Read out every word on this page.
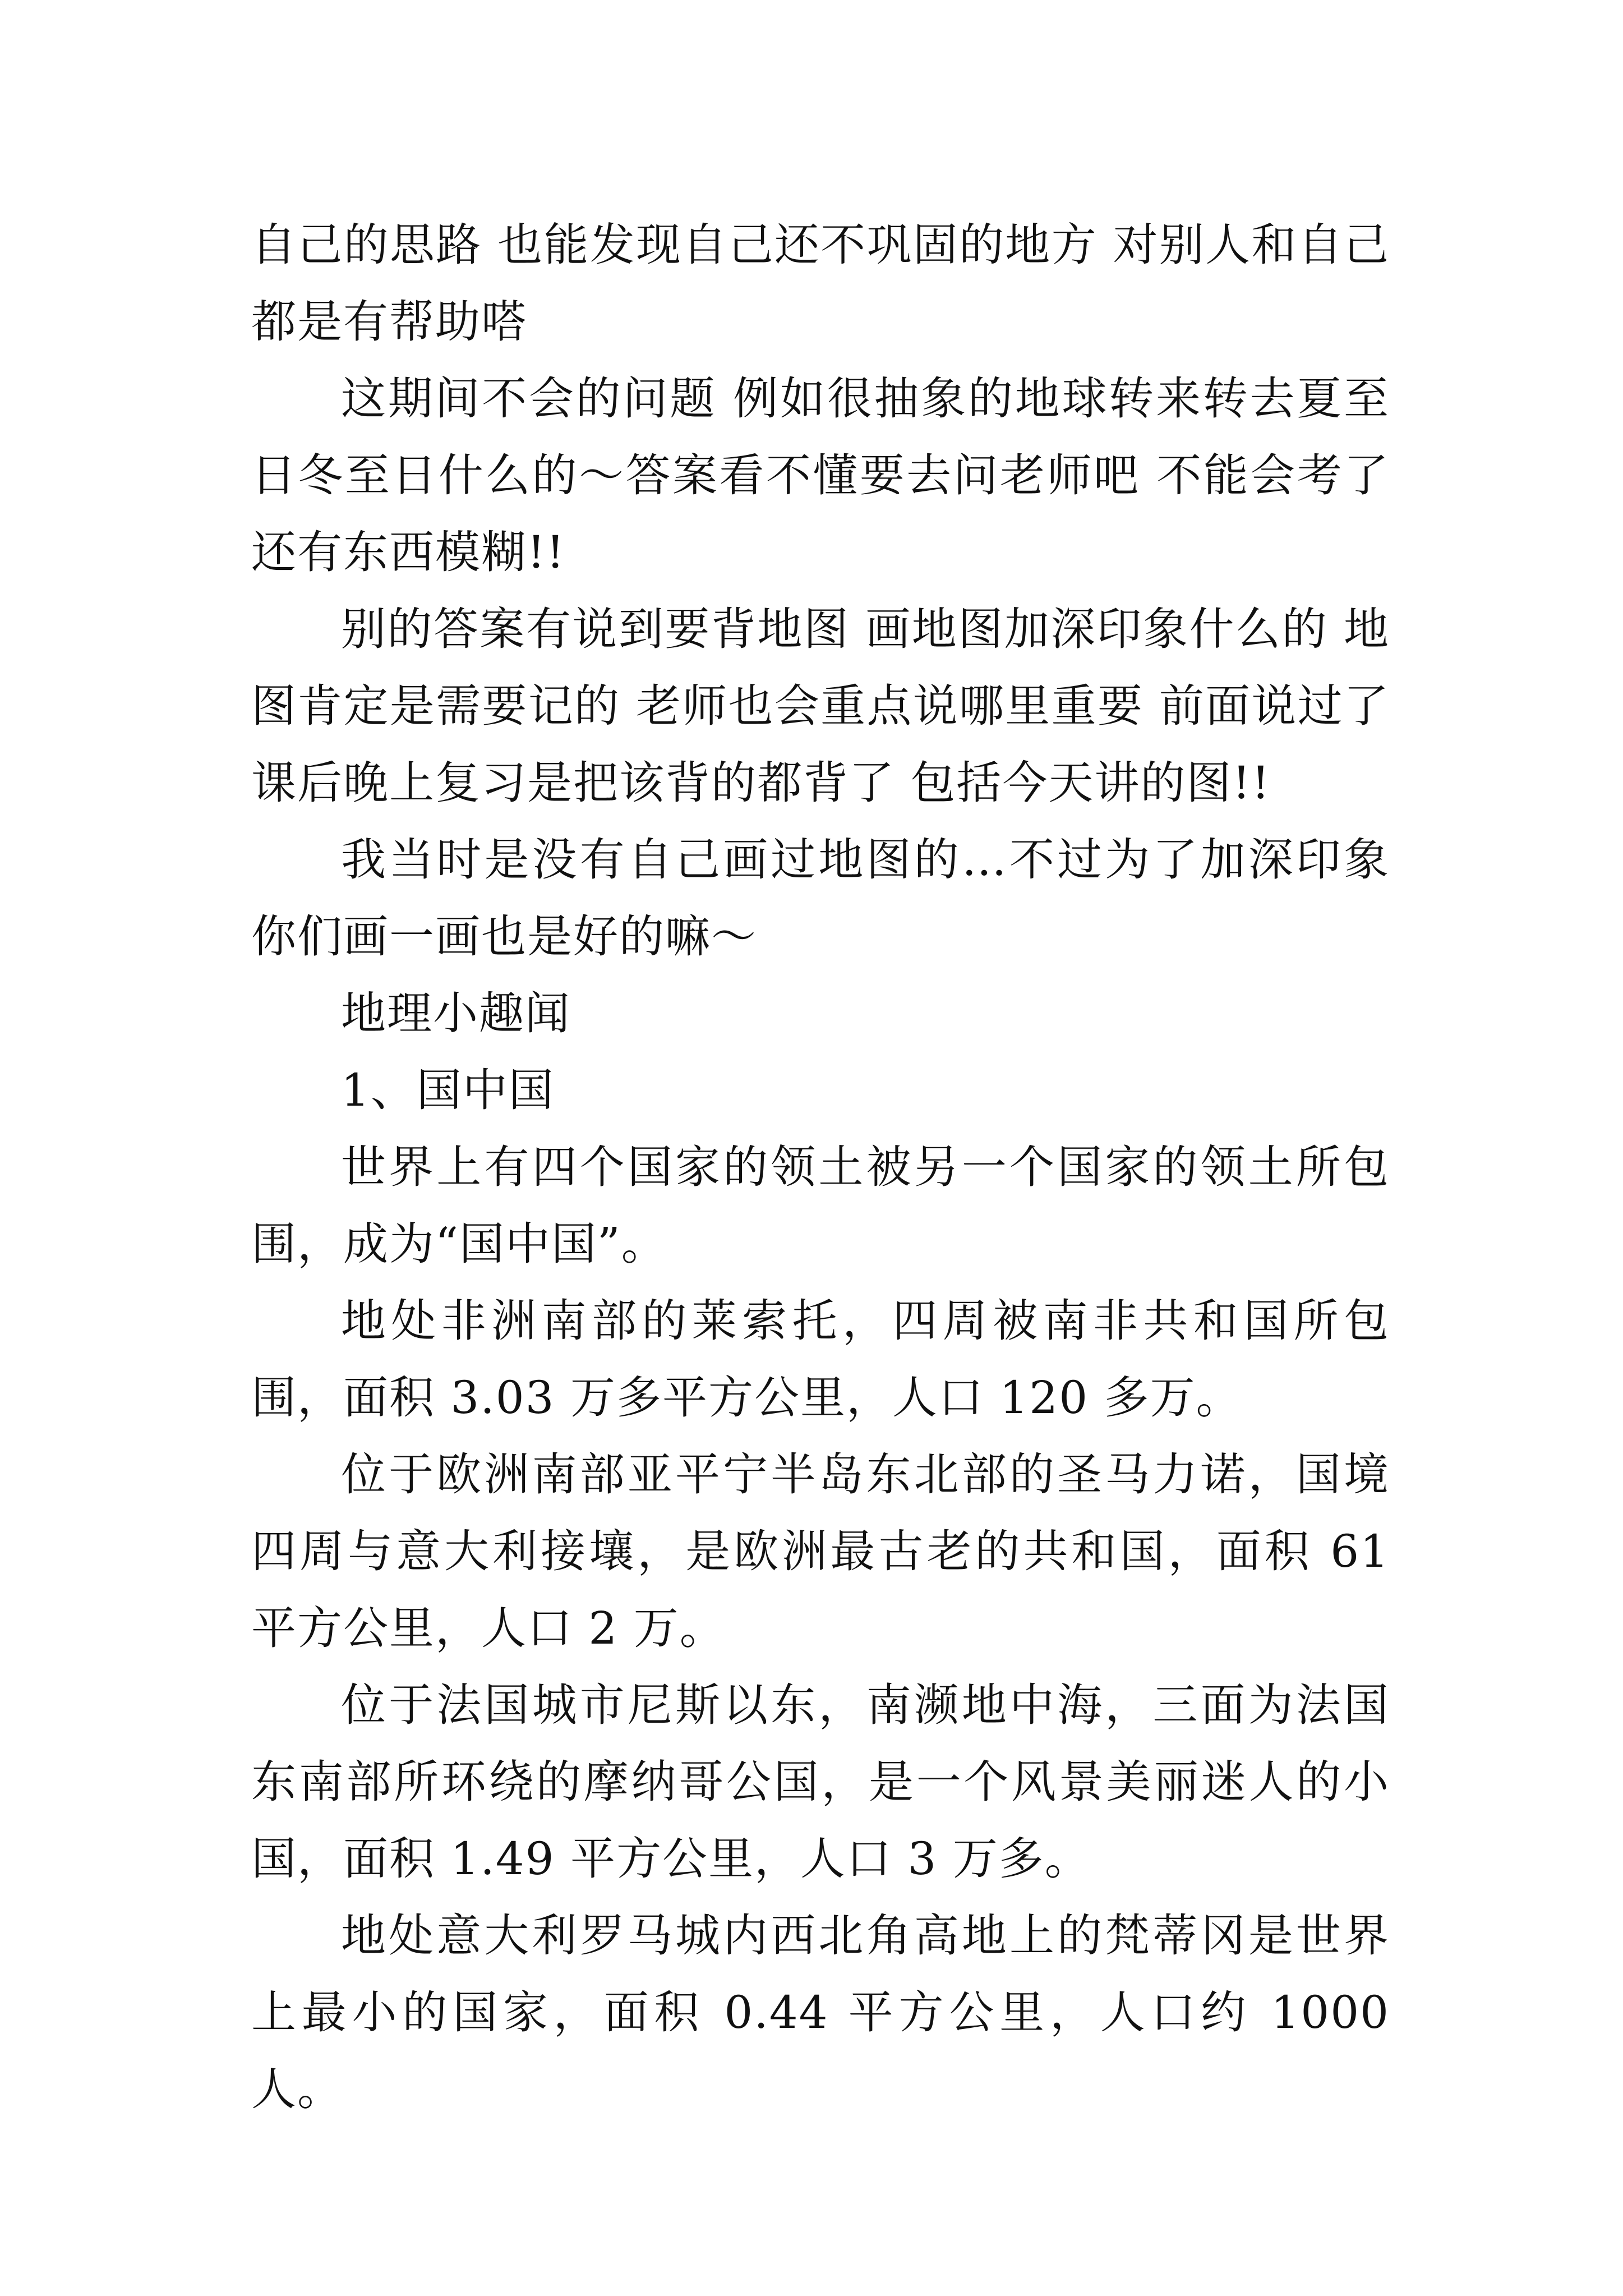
自己的思路 也能发现自己还不巩固的地方 对别人和自己都是有帮助嗒

这期间不会的问题 例如很抽象的地球转来转去夏至日冬至日什么的～答案看不懂要去问老师吧 不能会考了还有东西模糊!!

别的答案有说到要背地图 画地图加深印象什么的 地图肯定是需要记的 老师也会重点说哪里重要 前面说过了课后晚上复习是把该背的都背了 包括今天讲的图!!

我当时是没有自己画过地图的…不过为了加深印象你们画一画也是好的嘛～

地理小趣闻

1、国中国

世界上有四个国家的领土被另一个国家的领土所包围，成为“国中国”。

地处非洲南部的莱索托，四周被南非共和国所包围，面积 3.03 万多平方公里，人口 120 多万。

位于欧洲南部亚平宁半岛东北部的圣马力诺，国境四周与意大利接壤，是欧洲最古老的共和国，面积 61 平方公里，人口 2 万。

位于法国城市尼斯以东，南濒地中海，三面为法国东南部所环绕的摩纳哥公国，是一个风景美丽迷人的小国，面积 1.49 平方公里，人口 3 万多。

地处意大利罗马城内西北角高地上的梵蒂冈是世界上最小的国家，面积 0.44 平方公里，人口约 1000 人。
